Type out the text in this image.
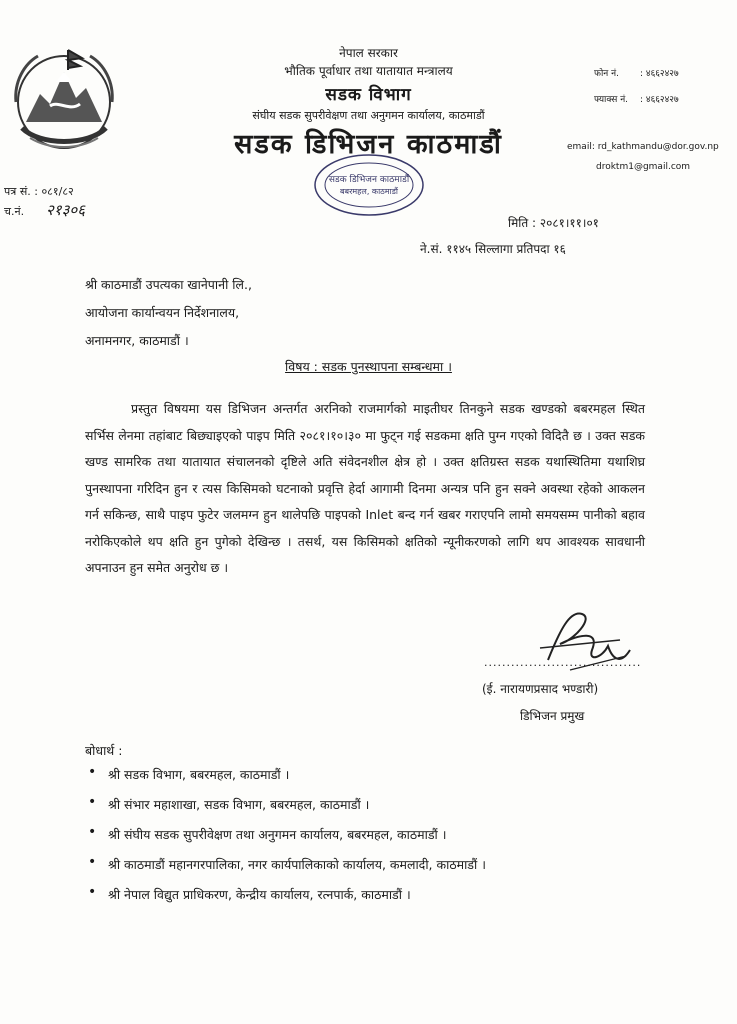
नेपाल सरकार
भौतिक पूर्वाधार तथा यातायात मन्त्रालय
सडक विभाग
संघीय सडक सुपरीवेक्षण तथा अनुगमन कार्यालय, काठमाडौं
सडक डिभिजन काठमाडौं
फोन नं. : ४६६२४२७
फ्याक्स नं. : ४६६२४२७
email: rd_kathmandu@dor.gov.np
droktm1@gmail.com
पत्र सं. : ०८१/८२
च.नं. २१३०६
सडक डिभिजन काठमाडौं
बबरमहल, काठमाडौं
मिति : २०८१।११।०१
ने.सं. ११४५ सिल्लागा प्रतिपदा १६
श्री काठमाडौं उपत्यका खानेपानी लि.,
आयोजना कार्यान्वयन निर्देशनालय,
अनामनगर, काठमाडौं ।
विषय : सडक पुनस्थापना सम्बन्धमा ।

प्रस्तुत विषयमा यस डिभिजन अन्तर्गत अरनिको राजमार्गको माइतीघर तिनकुने सडक खण्डको बबरमहल स्थित सर्भिस लेनमा तहांबाट बिछ्याइएको पाइप मिति २०८१।१०।३० मा फुट्न गई सडकमा क्षति पुग्न गएको विदितै छ । उक्त सडक खण्ड सामरिक तथा यातायात संचालनको दृष्टिले अति संवेदनशील क्षेत्र हो । उक्त क्षतिग्रस्त सडक यथास्थितिमा यथाशिघ्र पुनस्थापना गरिदिन हुन र त्यस किसिमको घटनाको प्रवृत्ति हेर्दा आगामी दिनमा अन्यत्र पनि हुन सक्ने अवस्था रहेको आकलन गर्न सकिन्छ, साथै पाइप फुटेर जलमग्न हुन थालेपछि पाइपको Inlet बन्द गर्न खबर गराएपनि लामो समयसम्म पानीको बहाव नरोकिएकोले थप क्षति हुन पुगेको देखिन्छ । तसर्थ, यस किसिमको क्षतिको न्यूनीकरणको लागि थप आवश्यक सावधानी अपनाउन हुन समेत अनुरोध छ ।

...................................
(ई. नारायणप्रसाद भण्डारी)
डिभिजन प्रमुख
बोधार्थ :
• श्री सडक विभाग, बबरमहल, काठमाडौं ।
• श्री संभार महाशाखा, सडक विभाग, बबरमहल, काठमाडौं ।
• श्री संघीय सडक सुपरीवेक्षण तथा अनुगमन कार्यालय, बबरमहल, काठमाडौं ।
• श्री काठमाडौं महानगरपालिका, नगर कार्यपालिकाको कार्यालय, कमलादी, काठमाडौं ।
• श्री नेपाल विद्युत प्राधिकरण, केन्द्रीय कार्यालय, रत्नपार्क, काठमाडौं ।
